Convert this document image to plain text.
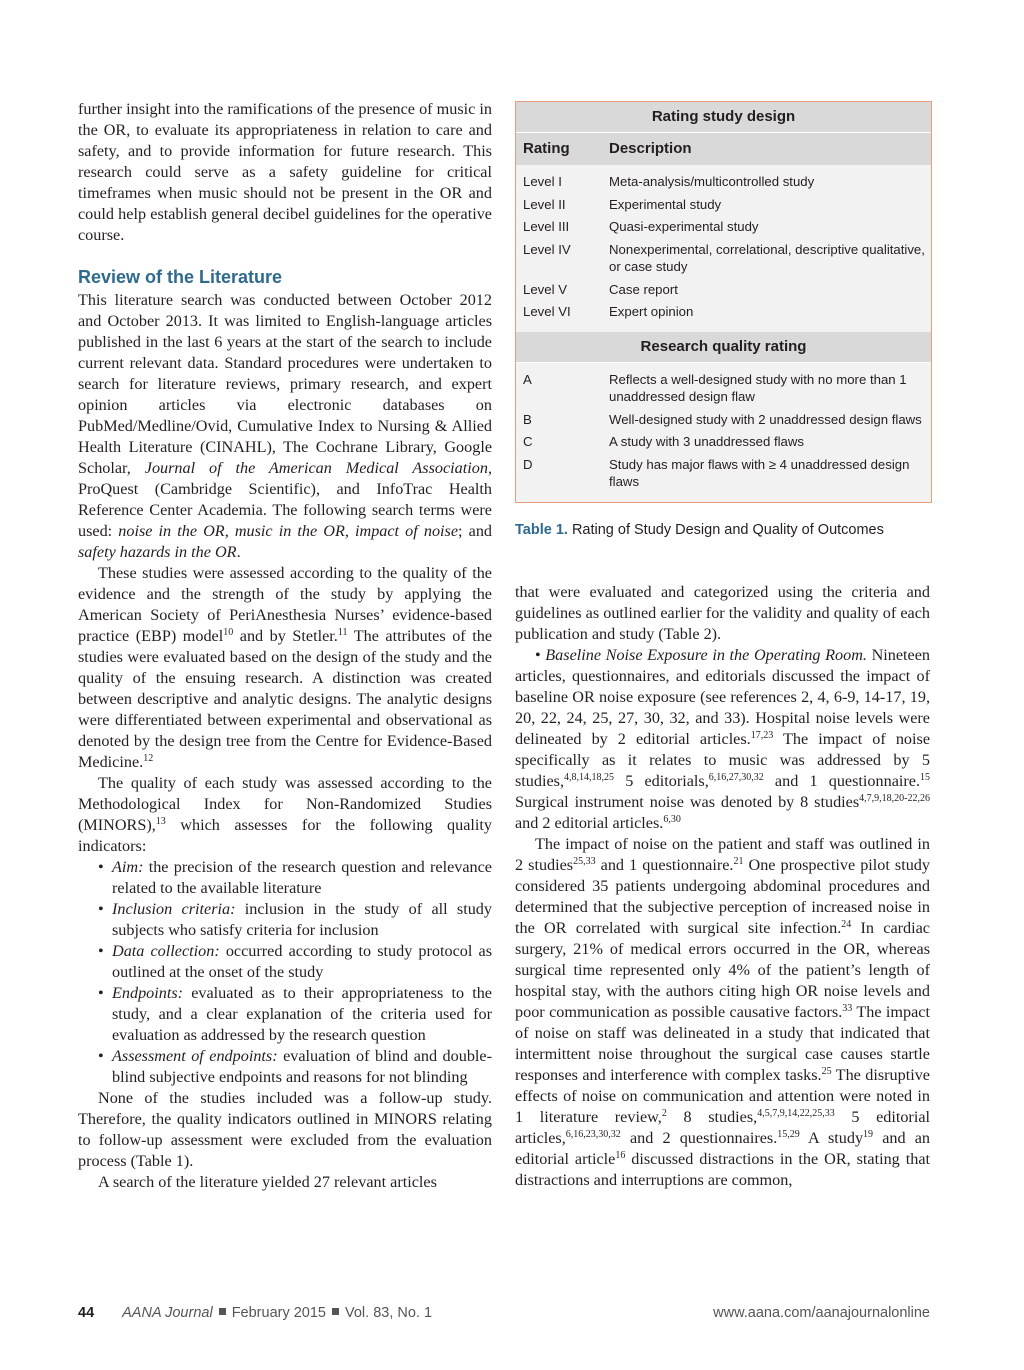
further insight into the ramifications of the presence of music in the OR, to evaluate its appropriateness in relation to care and safety, and to provide information for future research. This research could serve as a safety guideline for critical timeframes when music should not be present in the OR and could help establish general decibel guidelines for the operative course.

Review of the Literature

This literature search was conducted between October 2012 and October 2013. It was limited to English-language articles published in the last 6 years at the start of the search to include current relevant data. Standard procedures were undertaken to search for literature reviews, primary research, and expert opinion articles via electronic databases on PubMed/Medline/Ovid, Cumulative Index to Nursing & Allied Health Literature (CINAHL), The Cochrane Library, Google Scholar, Journal of the American Medical Association, ProQuest (Cambridge Scientific), and InfoTrac Health Reference Center Academia. The following search terms were used: noise in the OR, music in the OR, impact of noise; and safety hazards in the OR.

These studies were assessed according to the quality of the evidence and the strength of the study by applying the American Society of PeriAnesthesia Nurses’ evidence-based practice (EBP) model$^{10}$ and by Stetler.$^{11}$ The attributes of the studies were evaluated based on the design of the study and the quality of the ensuing research. A distinction was created between descriptive and analytic designs. The analytic designs were differentiated between experimental and observational as denoted by the design tree from the Centre for Evidence-Based Medicine.$^{12}$

The quality of each study was assessed according to the Methodological Index for Non-Randomized Studies (MINORS),$^{13}$ which assesses for the following quality indicators:

• Aim: the precision of the research question and relevance related to the available literature
• Inclusion criteria: inclusion in the study of all study subjects who satisfy criteria for inclusion
• Data collection: occurred according to study protocol as outlined at the onset of the study
• Endpoints: evaluated as to their appropriateness to the study, and a clear explanation of the criteria used for evaluation as addressed by the research question
• Assessment of endpoints: evaluation of blind and double-blind subjective endpoints and reasons for not blinding

None of the studies included was a follow-up study. Therefore, the quality indicators outlined in MINORS relating to follow-up assessment were excluded from the evaluation process (Table 1).

A search of the literature yielded 27 relevant articles

Rating study design
Rating	Description
Level I	Meta-analysis/multicontrolled study
Level II	Experimental study
Level III	Quasi-experimental study
Level IV	Nonexperimental, correlational, descriptive qualitative, or case study
Level V	Case report
Level VI	Expert opinion
Research quality rating
A	Reflects a well-designed study with no more than 1 unaddressed design flaw
B	Well-designed study with 2 unaddressed design flaws
C	A study with 3 unaddressed flaws
D	Study has major flaws with ≥ 4 unaddressed design flaws
Table 1. Rating of Study Design and Quality of Outcomes

that were evaluated and categorized using the criteria and guidelines as outlined earlier for the validity and quality of each publication and study (Table 2).

• Baseline Noise Exposure in the Operating Room. Nineteen articles, questionnaires, and editorials discussed the impact of baseline OR noise exposure (see references 2, 4, 6-9, 14-17, 19, 20, 22, 24, 25, 27, 30, 32, and 33). Hospital noise levels were delineated by 2 editorial articles.$^{17,23}$ The impact of noise specifically as it relates to music was addressed by 5 studies,$^{4,8,14,18,25}$ 5 editorials,$^{6,16,27,30,32}$ and 1 questionnaire.$^{15}$ Surgical instrument noise was denoted by 8 studies$^{4,7,9,18,20-22,26}$ and 2 editorial articles.$^{6,30}$

The impact of noise on the patient and staff was outlined in 2 studies$^{25,33}$ and 1 questionnaire.$^{21}$ One prospective pilot study considered 35 patients undergoing abdominal procedures and determined that the subjective perception of increased noise in the OR correlated with surgical site infection.$^{24}$ In cardiac surgery, 21% of medical errors occurred in the OR, whereas surgical time represented only 4% of the patient’s length of hospital stay, with the authors citing high OR noise levels and poor communication as possible causative factors.$^{33}$ The impact of noise on staff was delineated in a study that indicated that intermittent noise throughout the surgical case causes startle responses and interference with complex tasks.$^{25}$ The disruptive effects of noise on communication and attention were noted in 1 literature review,$^2$ 8 studies,$^{4,5,7,9,14,22,25,33}$ 5 editorial articles,$^{6,16,23,30,32}$ and 2 questionnaires.$^{15,29}$ A study$^{19}$ and an editorial article$^{16}$ discussed distractions in the OR, stating that distractions and interruptions are common,

44 AANA Journal February 2015 Vol. 83, No. 1	www.aana.com/aanajournalonline
